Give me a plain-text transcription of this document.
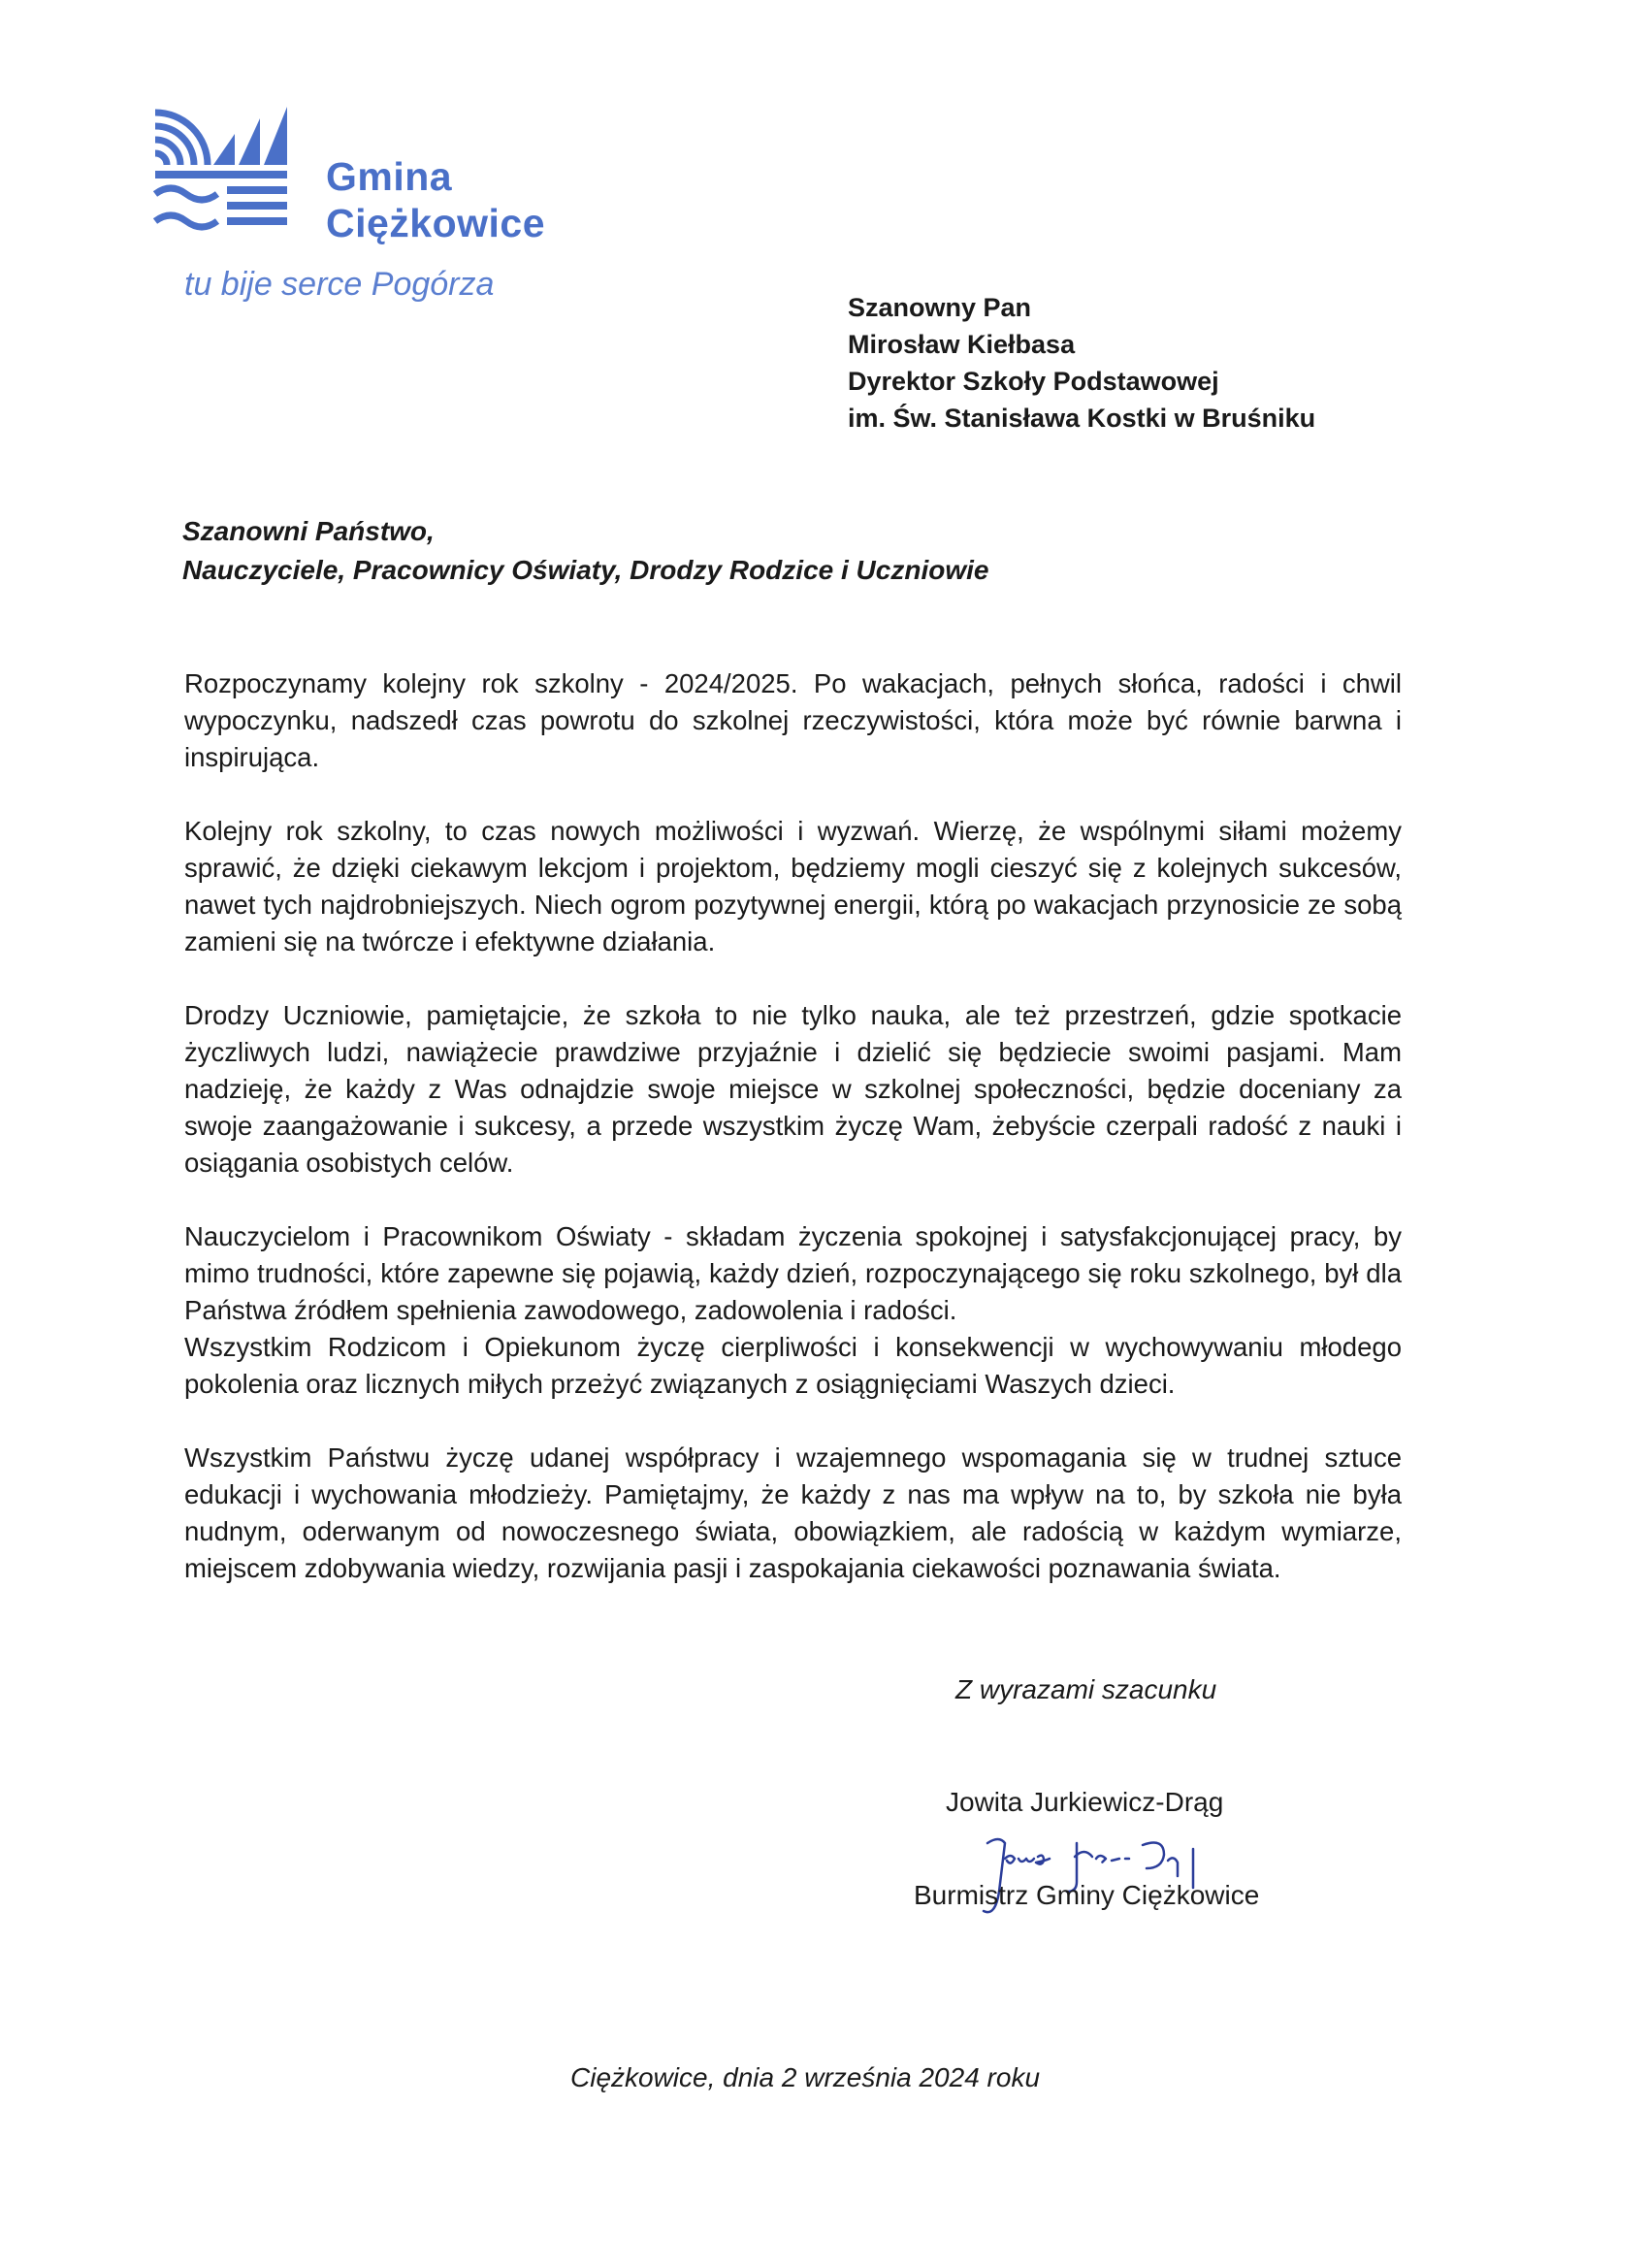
Gmina
Ciężkowice
tu bije serce Pogórza
Szanowny Pan
Mirosław Kiełbasa
Dyrektor Szkoły Podstawowej
im. Św. Stanisława Kostki w Bruśniku
Szanowni Państwo,
Nauczyciele, Pracownicy Oświaty, Drodzy Rodzice i Uczniowie

Rozpoczynamy kolejny rok szkolny - 2024/2025. Po wakacjach, pełnych słońca, radości i chwil wypoczynku, nadszedł czas powrotu do szkolnej rzeczywistości, która może być równie barwna i inspirująca.

Kolejny rok szkolny, to czas nowych możliwości i wyzwań. Wierzę, że wspólnymi siłami możemy sprawić, że dzięki ciekawym lekcjom i projektom, będziemy mogli cieszyć się z kolejnych sukcesów, nawet tych najdrobniejszych. Niech ogrom pozytywnej energii, którą po wakacjach przynosicie ze sobą zamieni się na twórcze i efektywne działania.

Drodzy Uczniowie, pamiętajcie, że szkoła to nie tylko nauka, ale też przestrzeń, gdzie spotkacie życzliwych ludzi, nawiążecie prawdziwe przyjaźnie i dzielić się będziecie swoimi pasjami. Mam nadzieję, że każdy z Was odnajdzie swoje miejsce w szkolnej społeczności, będzie doceniany za swoje zaangażowanie i sukcesy, a przede wszystkim życzę Wam, żebyście czerpali radość z nauki i osiągania osobistych celów.

Nauczycielom i Pracownikom Oświaty - składam życzenia spokojnej i satysfakcjonującej pracy, by mimo trudności, które zapewne się pojawią, każdy dzień, rozpoczynającego się roku szkolnego, był dla Państwa źródłem spełnienia zawodowego, zadowolenia i radości.

Wszystkim Rodzicom i Opiekunom życzę cierpliwości i konsekwencji w wychowywaniu młodego pokolenia oraz licznych miłych przeżyć związanych z osiągnięciami Waszych dzieci.

Wszystkim Państwu życzę udanej współpracy i wzajemnego wspomagania się w trudnej sztuce edukacji i wychowania młodzieży. Pamiętajmy, że każdy z nas ma wpływ na to, by szkoła nie była nudnym, oderwanym od nowoczesnego świata, obowiązkiem, ale radością w każdym wymiarze, miejscem zdobywania wiedzy, rozwijania pasji i zaspokajania ciekawości poznawania świata.

Z wyrazami szacunku
Jowita Jurkiewicz-Drąg
Burmistrz Gminy Ciężkowice
Ciężkowice, dnia 2 września 2024 roku
